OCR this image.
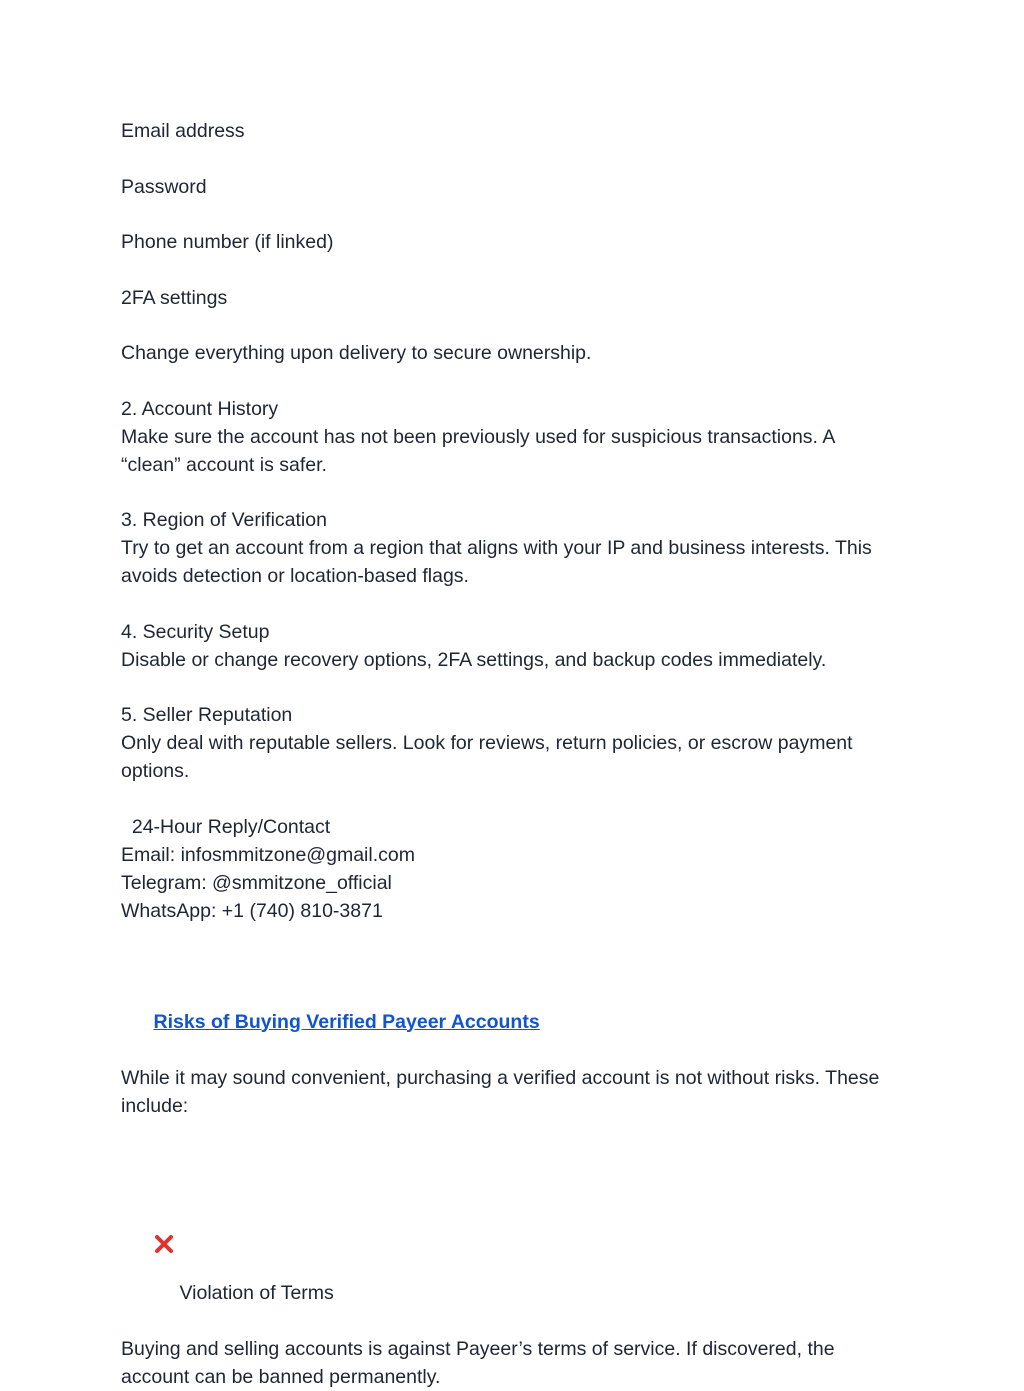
Email address
Password
Phone number (if linked)
2FA settings
Change everything upon delivery to secure ownership.
2. Account History
Make sure the account has not been previously used for suspicious transactions. A
“clean” account is safer.
3. Region of Verification
Try to get an account from a region that aligns with your IP and business interests. This
avoids detection or location-based flags.
4. Security Setup
Disable or change recovery options, 2FA settings, and backup codes immediately.
5. Seller Reputation
Only deal with reputable sellers. Look for reviews, return policies, or escrow payment
options.
24-Hour Reply/Contact
Email: infosmmitzone@gmail.com
Telegram: @smmitzone_official
WhatsApp: +1 (740) 810-3871

Risks of Buying Verified Payeer Accounts

While it may sound convenient, purchasing a verified account is not without risks. These
include:

Violation of Terms

Buying and selling accounts is against Payeer’s terms of service. If discovered, the
account can be banned permanently.
